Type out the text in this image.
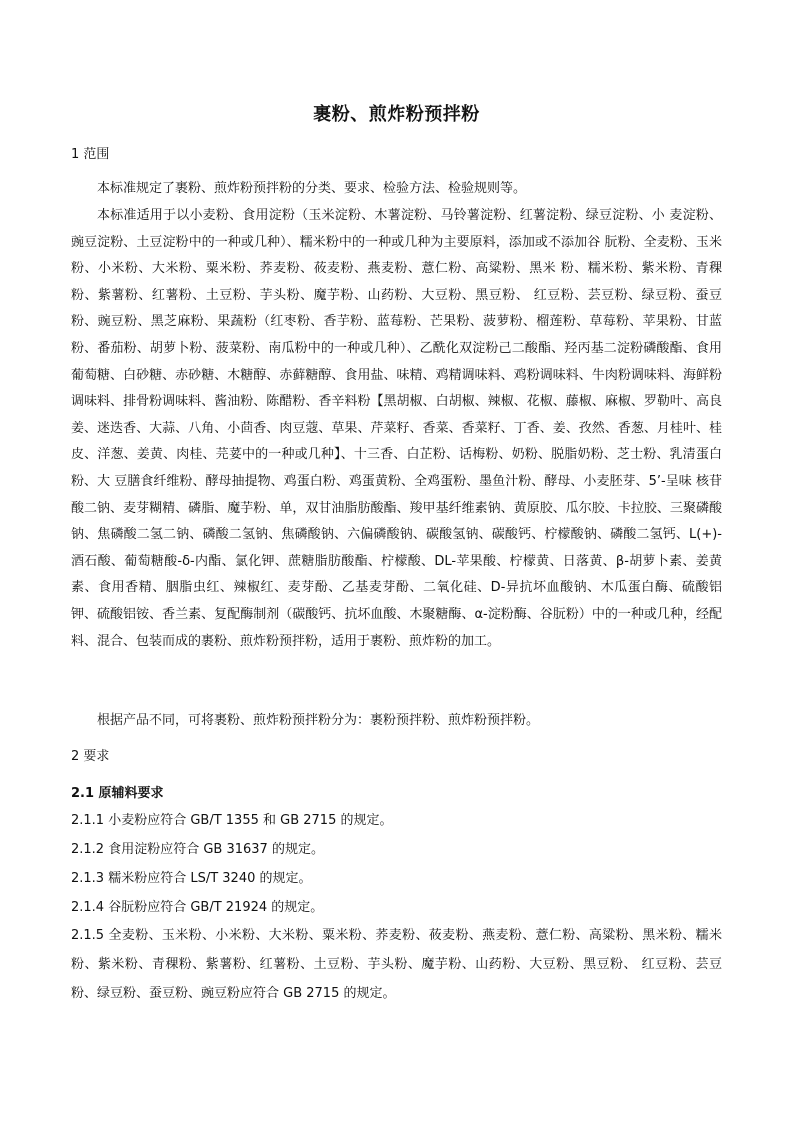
裹粉、煎炸粉预拌粉
1 范围

本标准规定了裹粉、煎炸粉预拌粉的分类、要求、检验方法、检验规则等。

本标准适用于以小麦粉、食用淀粉（玉米淀粉、木薯淀粉、马铃薯淀粉、红薯淀粉、绿豆淀粉、小 麦淀粉、豌豆淀粉、土豆淀粉中的一种或几种）、糯米粉中的一种或几种为主要原料，添加或不添加谷 朊粉、全麦粉、玉米粉、小米粉、大米粉、粟米粉、荞麦粉、莜麦粉、燕麦粉、薏仁粉、高粱粉、黑米 粉、糯米粉、紫米粉、青稞粉、紫薯粉、红薯粉、土豆粉、芋头粉、魔芋粉、山药粉、大豆粉、黑豆粉、 红豆粉、芸豆粉、绿豆粉、蚕豆粉、豌豆粉、黑芝麻粉、果蔬粉（红枣粉、香芋粉、蓝莓粉、芒果粉、菠萝粉、榴莲粉、草莓粉、苹果粉、甘蓝粉、番茄粉、胡萝卜粉、菠菜粉、南瓜粉中的一种或几种）、乙酰化双淀粉己二酸酯、羟丙基二淀粉磷酸酯、食用葡萄糖、白砂糖、赤砂糖、木糖醇、赤藓糖醇、食用盐、味精、鸡精调味料、鸡粉调味料、牛肉粉调味料、海鲜粉调味料、排骨粉调味料、酱油粉、陈醋粉、香辛料粉【黑胡椒、白胡椒、辣椒、花椒、藤椒、麻椒、罗勒叶、高良姜、迷迭香、大蒜、八角、小茴香、肉豆蔻、草果、芹菜籽、香菜、香菜籽、丁香、姜、孜然、香葱、月桂叶、桂皮、洋葱、姜黄、肉桂、芫荽中的一种或几种】、十三香、白芷粉、话梅粉、奶粉、脱脂奶粉、芝士粉、乳清蛋白粉、大 豆膳食纤维粉、酵母抽提物、鸡蛋白粉、鸡蛋黄粉、全鸡蛋粉、墨鱼汁粉、酵母、小麦胚芽、5’-呈味 核苷酸二钠、麦芽糊精、磷脂、魔芋粉、单，双甘油脂肪酸酯、羧甲基纤维素钠、黄原胶、瓜尔胶、卡拉胶、三聚磷酸钠、焦磷酸二氢二钠、磷酸二氢钠、焦磷酸钠、六偏磷酸钠、碳酸氢钠、碳酸钙、柠檬酸钠、磷酸二氢钙、L(+)-酒石酸、葡萄糖酸-δ-内酯、氯化钾、蔗糖脂肪酸酯、柠檬酸、DL-苹果酸、柠檬黄、日落黄、β-胡萝卜素、姜黄素、食用香精、胭脂虫红、辣椒红、麦芽酚、乙基麦芽酚、二氧化硅、D-异抗坏血酸钠、木瓜蛋白酶、硫酸铝钾、硫酸铝铵、香兰素、复配酶制剂（碳酸钙、抗坏血酸、木聚糖酶、α-淀粉酶、谷朊粉）中的一种或几种，经配料、混合、包装而成的裹粉、煎炸粉预拌粉，适用于裹粉、煎炸粉的加工。

根据产品不同，可将裹粉、煎炸粉预拌粉分为：裹粉预拌粉、煎炸粉预拌粉。

2 要求
2.1 原辅料要求

2.1.1 小麦粉应符合 GB/T 1355 和 GB 2715 的规定。

2.1.2 食用淀粉应符合 GB 31637 的规定。

2.1.3 糯米粉应符合 LS/T 3240 的规定。

2.1.4 谷朊粉应符合 GB/T 21924 的规定。

2.1.5 全麦粉、玉米粉、小米粉、大米粉、粟米粉、荞麦粉、莜麦粉、燕麦粉、薏仁粉、高粱粉、黑米粉、糯米粉、紫米粉、青稞粉、紫薯粉、红薯粉、土豆粉、芋头粉、魔芋粉、山药粉、大豆粉、黑豆粉、 红豆粉、芸豆粉、绿豆粉、蚕豆粉、豌豆粉应符合 GB 2715 的规定。
